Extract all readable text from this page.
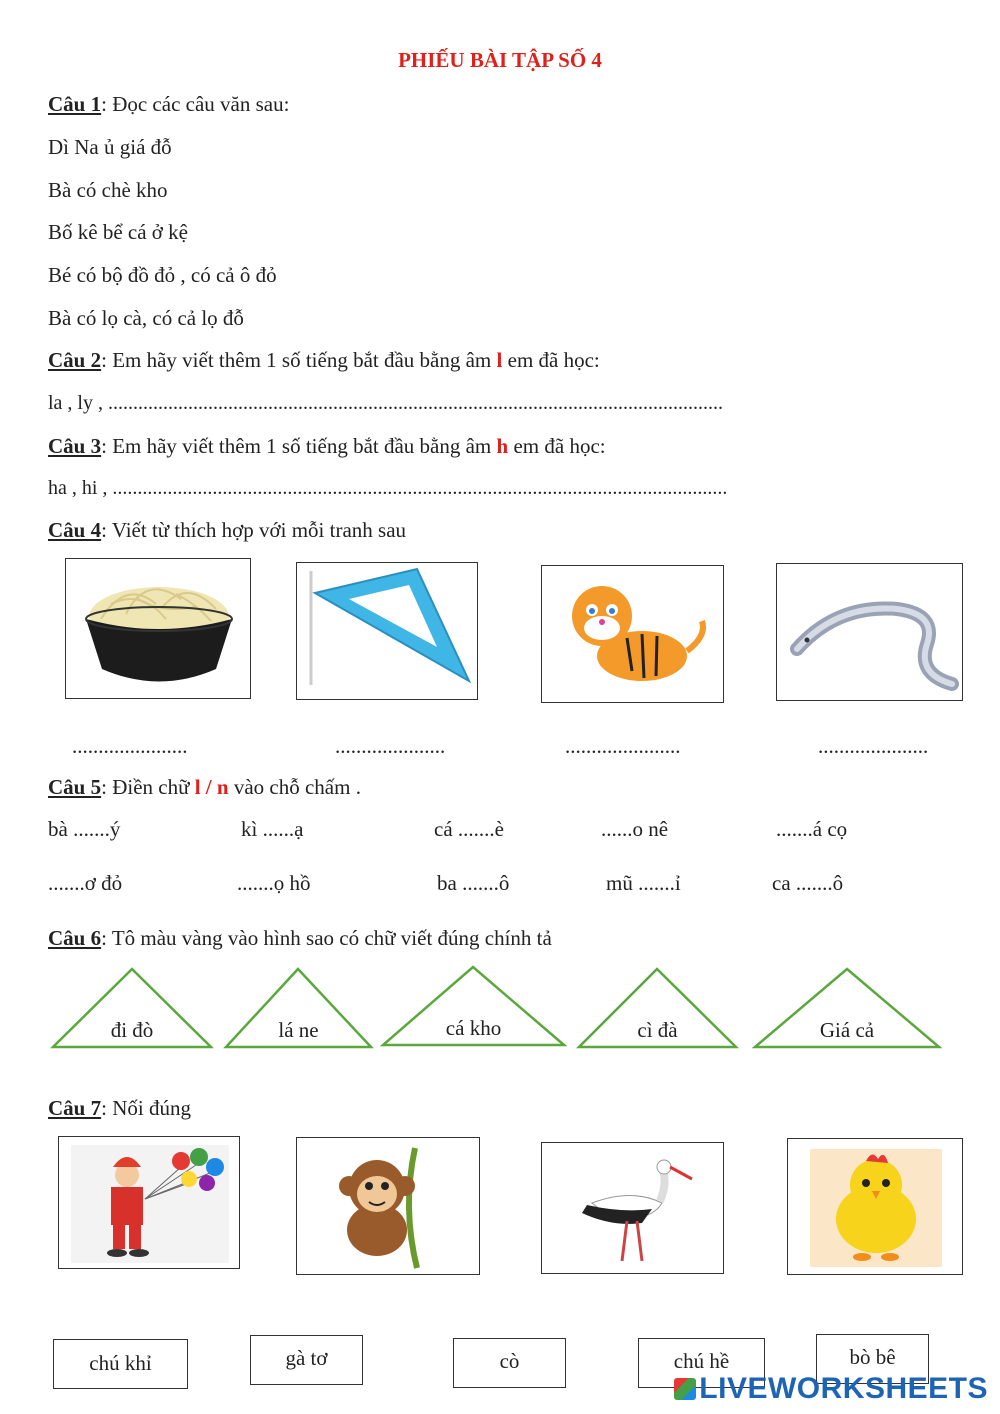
PHIẾU BÀI TẬP SỐ 4
Câu 1: Đọc các câu văn sau:
Dì Na ủ giá đỗ
Bà có chè kho
Bố kê bể cá ở kệ
Bé có bộ đồ đỏ , có cả ô đỏ
Bà có lọ cà, có cả lọ đỗ
Câu 2: Em hãy viết thêm 1 số tiếng bắt đầu bằng âm l em đã học:
la , ly , ...........................................................................................................................
Câu 3: Em hãy viết thêm 1 số tiếng bắt đầu bằng âm h em đã học:
ha , hi , ...........................................................................................................................
Câu 4: Viết từ thích hợp với mỗi tranh sau
......................	.....................	......................	.....................
Câu 5: Điền chữ l / n vào chỗ chấm .
bà .......ý	kì ......ạ	cá .......è	......o nê	.......á cọ
.......ơ đỏ	.......ọ hồ	ba .......ô	mũ .......ỉ	ca .......ô
Câu 6: Tô màu vàng vào hình sao có chữ viết đúng chính tả
đi đò	lá ne	cá kho	cì đà	Giá cả
Câu 7: Nối đúng
chú khỉ	gà tơ	cò	chú hề	bò bê
LIVEWORKSHEETS
